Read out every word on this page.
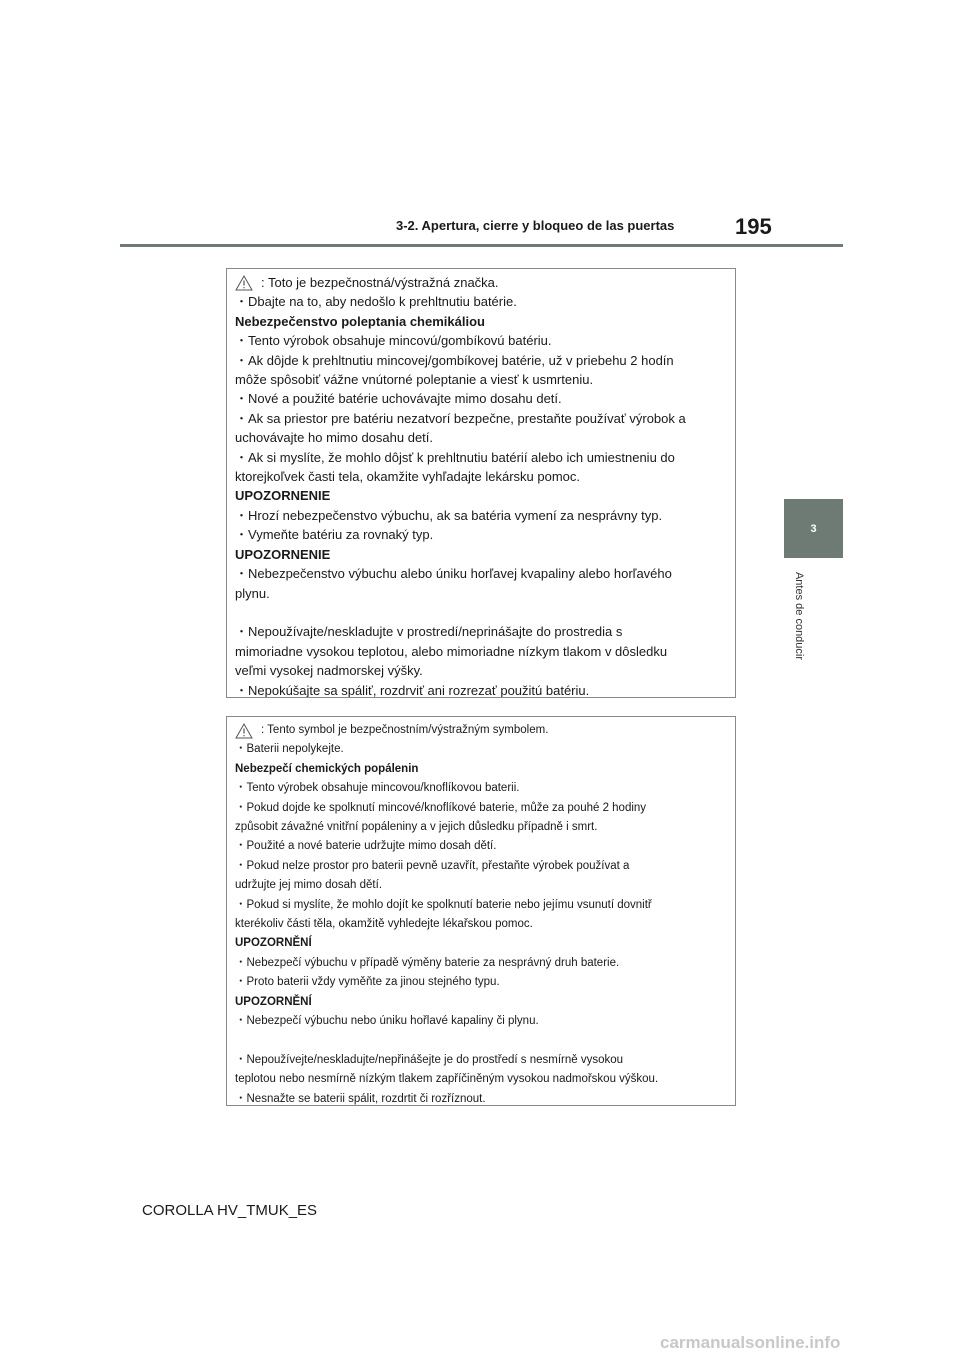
3-2. Apertura, cierre y bloqueo de las puertas	195
3
Antes de conducir
: Toto je bezpečnostná/výstražná značka.
・Dbajte na to, aby nedošlo k prehltnutiu batérie.
Nebezpečenstvo poleptania chemikáliou
・Tento výrobok obsahuje mincovú/gombíkovú batériu.
・Ak dôjde k prehltnutiu mincovej/gombíkovej batérie, už v priebehu 2 hodín
môže spôsobiť vážne vnútorné poleptanie a viesť k usmrteniu.
・Nové a použité batérie uchovávajte mimo dosahu detí.
・Ak sa priestor pre batériu nezatvorí bezpečne, prestaňte používať výrobok a
uchovávajte ho mimo dosahu detí.
・Ak si myslíte, že mohlo dôjsť k prehltnutiu batérií alebo ich umiestneniu do
ktorejkoľvek časti tela, okamžite vyhľadajte lekársku pomoc.
UPOZORNENIE
・Hrozí nebezpečenstvo výbuchu, ak sa batéria vymení za nesprávny typ.
・Vymeňte batériu za rovnaký typ.
UPOZORNENIE
・Nebezpečenstvo výbuchu alebo úniku horľavej kvapaliny alebo horľavého
plynu.
・Nepoužívajte/neskladujte v prostredí/neprinášajte do prostredia s
mimoriadne vysokou teplotou, alebo mimoriadne nízkym tlakom v dôsledku
veľmi vysokej nadmorskej výšky.
・Nepokúšajte sa spáliť, rozdrviť ani rozrezať použitú batériu.
: Tento symbol je bezpečnostním/výstražným symbolem.
・Baterii nepolykejte.
Nebezpečí chemických popálenin
・Tento výrobek obsahuje mincovou/knoflíkovou baterii.
・Pokud dojde ke spolknutí mincové/knoflíkové baterie, může za pouhé 2 hodiny
způsobit závažné vnitřní popáleniny a v jejich důsledku případně i smrt.
・Použité a nové baterie udržujte mimo dosah dětí.
・Pokud nelze prostor pro baterii pevně uzavřít, přestaňte výrobek používat a
udržujte jej mimo dosah dětí.
・Pokud si myslíte, že mohlo dojít ke spolknutí baterie nebo jejímu vsunutí dovnitř
kterékoliv části těla, okamžitě vyhledejte lékařskou pomoc.
UPOZORNĚNÍ
・Nebezpečí výbuchu v případě výměny baterie za nesprávný druh baterie.
・Proto baterii vždy vyměňte za jinou stejného typu.
UPOZORNĚNÍ
・Nebezpečí výbuchu nebo úniku hořlavé kapaliny či plynu.
・Nepoužívejte/neskladujte/nepřinášejte je do prostředí s nesmírně vysokou
teplotou nebo nesmírně nízkým tlakem zapříčiněným vysokou nadmořskou výškou.
・Nesnažte se baterii spálit, rozdrtit či rozříznout.
COROLLA HV_TMUK_ES
carmanualsonline.info
